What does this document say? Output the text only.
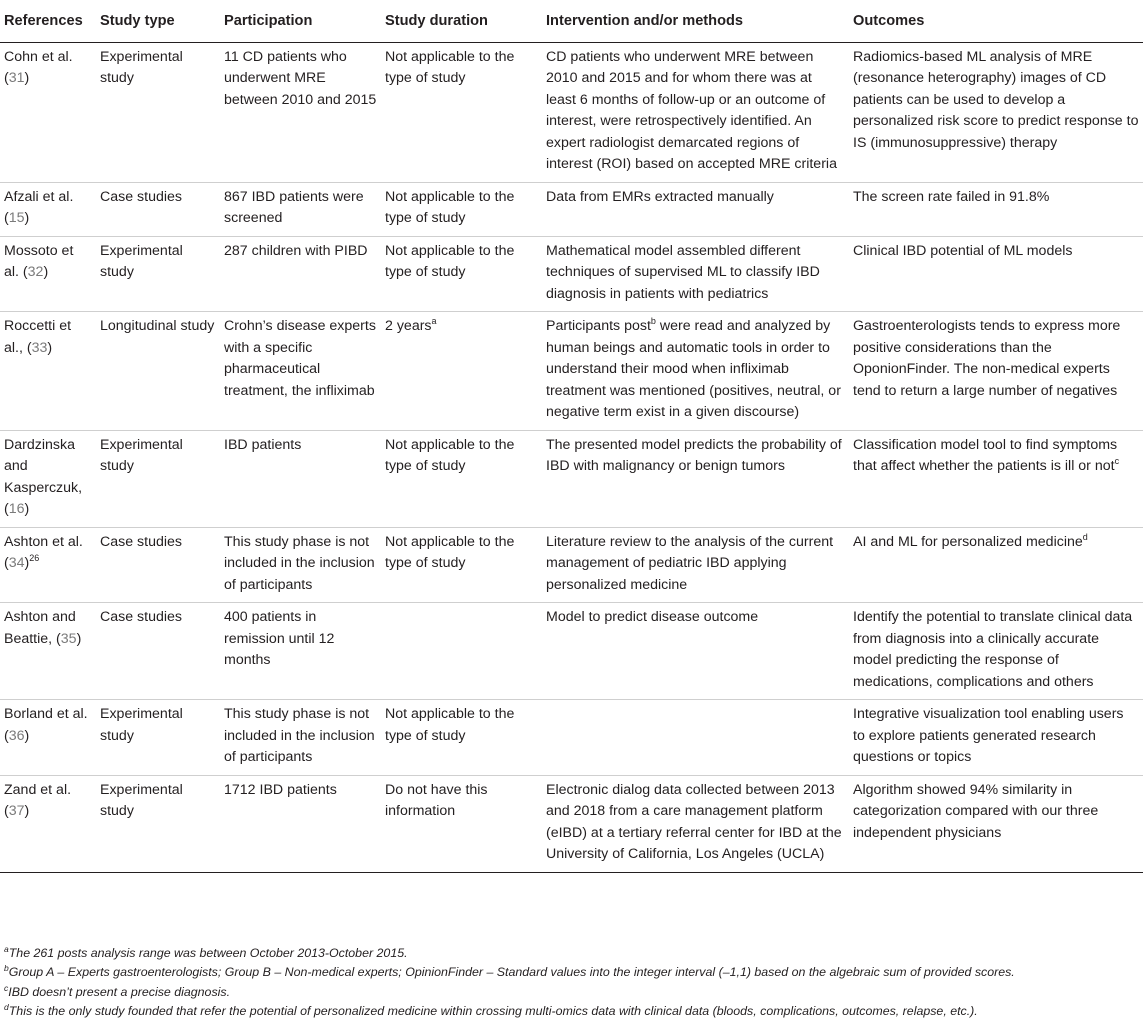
References	Study type	Participation	Study duration	Intervention and/or methods	Outcomes
Cohn et al. (31)	Experimental study	11 CD patients who underwent MRE between 2010 and 2015	Not applicable to the type of study	CD patients who underwent MRE between 2010 and 2015 and for whom there was at least 6 months of follow-up or an outcome of interest, were retrospectively identified. An expert radiologist demarcated regions of interest (ROI) based on accepted MRE criteria	Radiomics-based ML analysis of MRE (resonance heterography) images of CD patients can be used to develop a personalized risk score to predict response to IS (immunosuppressive) therapy
Afzali et al. (15)	Case studies	867 IBD patients were screened	Not applicable to the type of study	Data from EMRs extracted manually	The screen rate failed in 91.8%
Mossoto et al. (32)	Experimental study	287 children with PIBD	Not applicable to the type of study	Mathematical model assembled different techniques of supervised ML to classify IBD diagnosis in patients with pediatrics	Clinical IBD potential of ML models
Roccetti et al., (33)	Longitudinal study	Crohn’s disease experts with a specific pharmaceutical treatment, the infliximab	2 years$^a$	Participants post$^b$ were read and analyzed by human beings and automatic tools in order to understand their mood when infliximab treatment was mentioned (positives, neutral, or negative term exist in a given discourse)	Gastroenterologists tends to express more positive considerations than the OponionFinder. The non-medical experts tend to return a large number of negatives
Dardzinska and Kasperczuk, (16)	Experimental study	IBD patients	Not applicable to the type of study	The presented model predicts the probability of IBD with malignancy or benign tumors	Classification model tool to find symptoms that affect whether the patients is ill or not$^c$
Ashton et al. $(34)^{26}$	Case studies	This study phase is not included in the inclusion of participants	Not applicable to the type of study	Literature review to the analysis of the current management of pediatric IBD applying personalized medicine	AI and ML for personalized medicine$^d$
Ashton and Beattie, (35)	Case studies	400 patients in remission until 12 months		Model to predict disease outcome	Identify the potential to translate clinical data from diagnosis into a clinically accurate model predicting the response of medications, complications and others
Borland et al. (36)	Experimental study	This study phase is not included in the inclusion of participants	Not applicable to the type of study		Integrative visualization tool enabling users to explore patients generated research questions or topics
Zand et al. (37)	Experimental study	1712 IBD patients	Do not have this information	Electronic dialog data collected between 2013 and 2018 from a care management platform (eIBD) at a tertiary referral center for IBD at the University of California, Los Angeles (UCLA)	Algorithm showed 94% similarity in categorization compared with our three independent physicians
$^a$The 261 posts analysis range was between October 2013-October 2015.
$^b$Group A – Experts gastroenterologists; Group B – Non-medical experts; OpinionFinder – Standard values into the integer interval (–1,1) based on the algebraic sum of provided scores.
$^c$IBD doesn’t present a precise diagnosis.
$^d$This is the only study founded that refer the potential of personalized medicine within crossing multi-omics data with clinical data (bloods, complications, outcomes, relapse, etc.).
